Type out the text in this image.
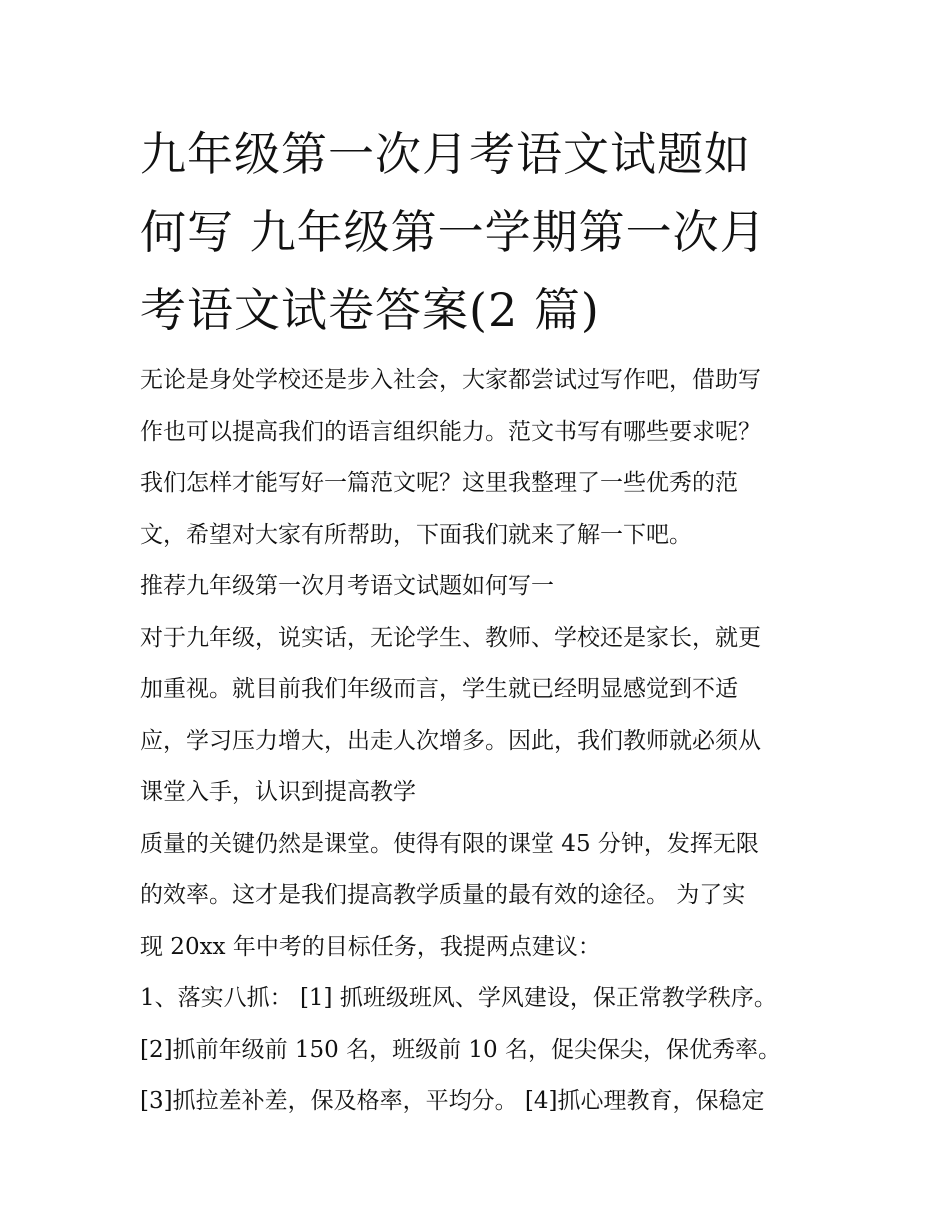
九年级第一次月考语文试题如
何写 九年级第一学期第一次月
考语文试卷答案(2 篇)
无论是身处学校还是步入社会，大家都尝试过写作吧，借助写
作也可以提高我们的语言组织能力。范文书写有哪些要求呢？
我们怎样才能写好一篇范文呢？这里我整理了一些优秀的范
文，希望对大家有所帮助，下面我们就来了解一下吧。
推荐九年级第一次月考语文试题如何写一
对于九年级，说实话，无论学生、教师、学校还是家长，就更
加重视。就目前我们年级而言，学生就已经明显感觉到不适
应，学习压力增大，出走人次增多。因此，我们教师就必须从
课堂入手，认识到提高教学
质量的关键仍然是课堂。使得有限的课堂 45 分钟，发挥无限
的效率。这才是我们提高教学质量的最有效的途径。 为了实
现 20xx 年中考的目标任务，我提两点建议：
1、落实八抓： [1] 抓班级班风、学风建设，保正常教学秩序。
[2]抓前年级前 150 名，班级前 10 名，促尖保尖，保优秀率。
[3]抓拉差补差，保及格率，平均分。 [4]抓心理教育，保稳定
